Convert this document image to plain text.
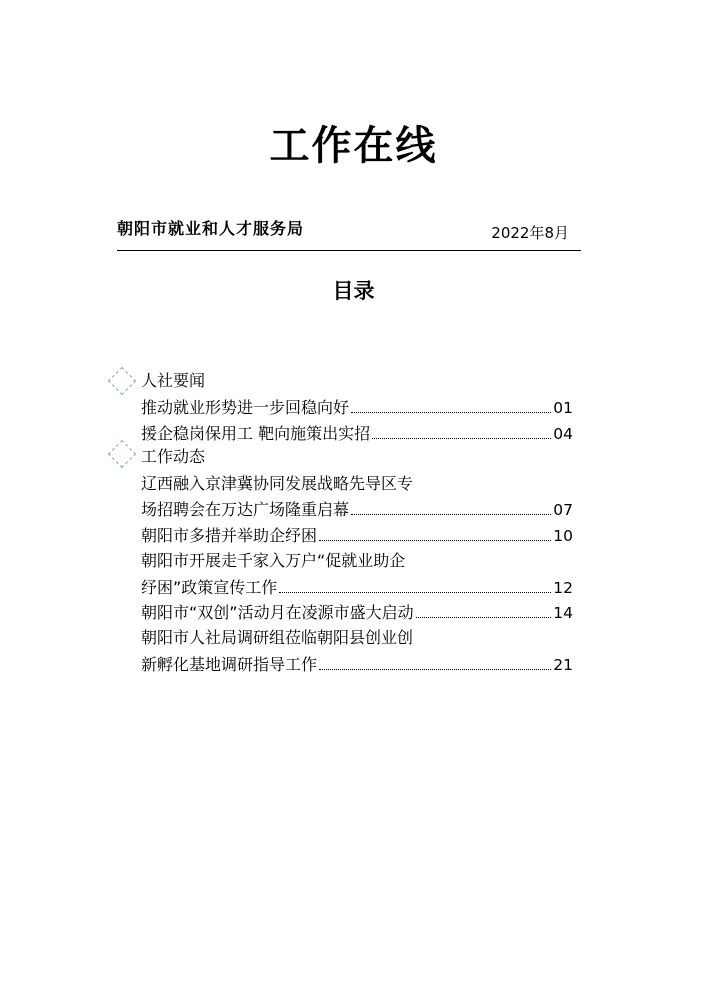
工作在线
朝阳市就业和人才服务局	2022年8月
目录
人社要闻
推动就业形势进一步回稳向好	01
援企稳岗保用工 靶向施策出实招	04
工作动态
辽西融入京津冀协同发展战略先导区专
场招聘会在万达广场隆重启幕	07
朝阳市多措并举助企纾困	10
朝阳市开展走千家入万户“促就业助企
纾困”政策宣传工作	12
朝阳市“双创”活动月在凌源市盛大启动	14
朝阳市人社局调研组莅临朝阳县创业创
新孵化基地调研指导工作	21
